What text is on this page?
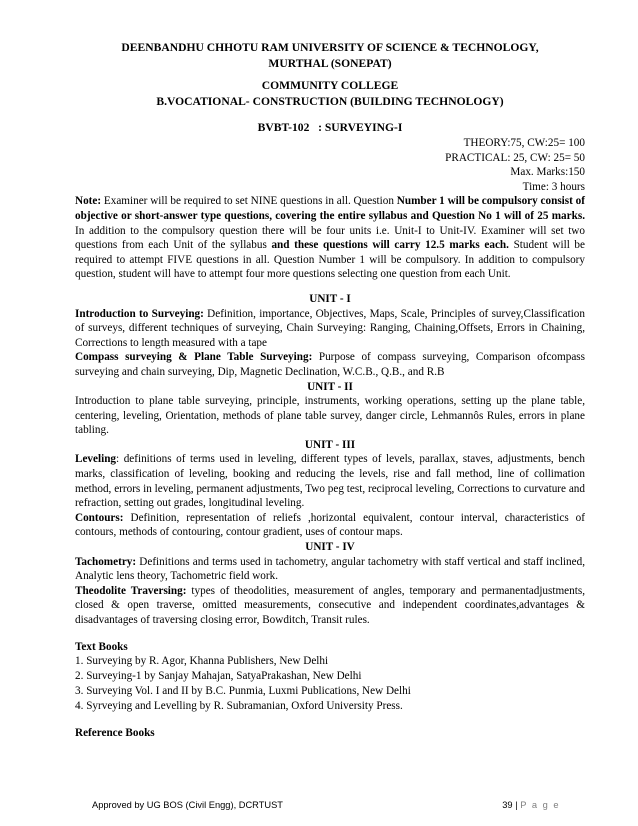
DEENBANDHU CHHOTU RAM UNIVERSITY OF SCIENCE & TECHNOLOGY,
MURTHAL (SONEPAT)
COMMUNITY COLLEGE
B.VOCATIONAL- CONSTRUCTION (BUILDING TECHNOLOGY)
BVBT-102   : SURVEYING-I
THEORY:75, CW:25= 100
PRACTICAL: 25, CW: 25= 50
Max. Marks:150
Time: 3 hours

Note: Examiner will be required to set NINE questions in all. Question Number 1 will be compulsory consist of objective or short-answer type questions, covering the entire syllabus and Question No 1 will of 25 marks. In addition to the compulsory question there will be four units i.e. Unit-I to Unit-IV. Examiner will set two questions from each Unit of the syllabus and these questions will carry 12.5 marks each. Student will be required to attempt FIVE questions in all. Question Number 1 will be compulsory. In addition to compulsory question, student will have to attempt four more questions selecting one question from each Unit.

UNIT - I

Introduction to Surveying: Definition, importance, Objectives, Maps, Scale, Principles of survey,Classification of surveys, different techniques of surveying, Chain Surveying: Ranging, Chaining,Offsets, Errors in Chaining, Corrections to length measured with a tape

Compass surveying & Plane Table Surveying: Purpose of compass surveying, Comparison ofcompass surveying and chain surveying, Dip, Magnetic Declination, W.C.B., Q.B., and R.B

UNIT - II

Introduction to plane table surveying, principle, instruments, working operations, setting up the plane table, centering, leveling, Orientation, methods of plane table survey, danger circle, Lehmannôs Rules, errors in plane tabling.

UNIT - III

Leveling: definitions of terms used in leveling, different types of levels, parallax, staves, adjustments, bench marks, classification of leveling, booking and reducing the levels, rise and fall method, line of collimation method, errors in leveling, permanent adjustments, Two peg test, reciprocal leveling, Corrections to curvature and refraction, setting out grades, longitudinal leveling.

Contours: Definition, representation of reliefs ,horizontal equivalent, contour interval, characteristics of contours, methods of contouring, contour gradient, uses of contour maps.

UNIT - IV

Tachometry: Definitions and terms used in tachometry, angular tachometry with staff vertical and staff inclined, Analytic lens theory, Tachometric field work.

Theodolite Traversing: types of theodolities, measurement of angles, temporary and permanentadjustments, closed & open traverse, omitted measurements, consecutive and independent coordinates,advantages & disadvantages of traversing closing error, Bowditch, Transit rules.

Text Books
1. Surveying by R. Agor, Khanna Publishers, New Delhi
2. Surveying-1 by Sanjay Mahajan, SatyaPrakashan, New Delhi
3. Surveying Vol. I and II by B.C. Punmia, Luxmi Publications, New Delhi
4. Syrveying and Levelling by R. Subramanian, Oxford University Press.
Reference Books
Approved by UG BOS (Civil Engg), DCRTUST	39 | P a g e
